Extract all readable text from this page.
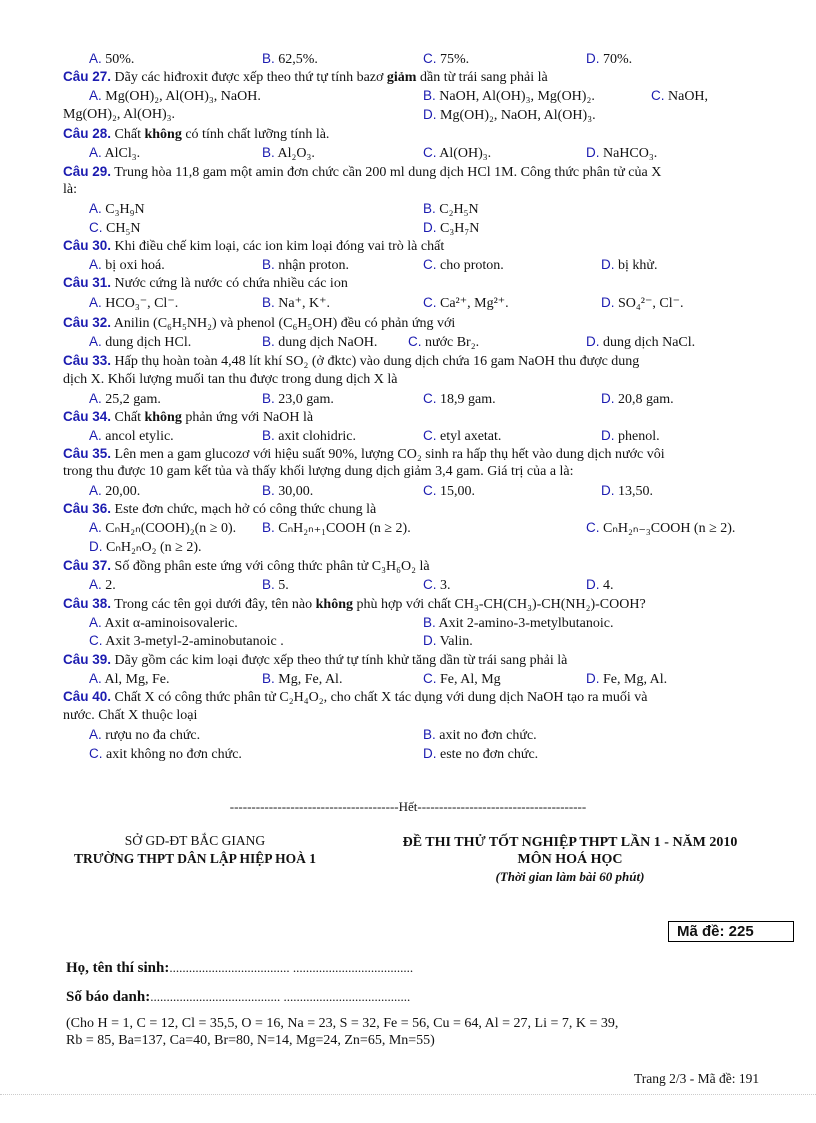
A. 50%.	B. 62,5%.	C. 75%.	D. 70%.
Câu 27. Dãy các hiđroxit được xếp theo thứ tự tính bazơ giảm dần từ trái sang phải là
A. Mg(OH)₂, Al(OH)₃, NaOH.	B. NaOH, Al(OH)₃, Mg(OH)₂.	C. NaOH,
Mg(OH)₂, Al(OH)₃.	D. Mg(OH)₂, NaOH, Al(OH)₃.
Câu 28. Chất không có tính chất lưỡng tính là.
A. AlCl₃.	B. Al₂O₃.	C. Al(OH)₃.	D. NaHCO₃.
Câu 29. Trung hòa 11,8 gam một amin đơn chức cần 200 ml dung dịch HCl 1M. Công thức phân tử của X
là:
A. C₃H₉N	B. C₂H₅N
C. CH₅N	D. C₃H₇N
Câu 30. Khi điều chế kim loại, các ion kim loại đóng vai trò là chất
A. bị oxi hoá.	B. nhận proton.	C. cho proton.	D. bị khử.
Câu 31. Nước cứng là nước có chứa nhiều các ion
A. HCO₃⁻, Cl⁻.	B. Na⁺, K⁺.	C. Ca²⁺, Mg²⁺.	D. SO₄²⁻, Cl⁻.
Câu 32. Anilin (C₆H₅NH₂) và phenol (C₆H₅OH) đều có phản ứng với
A. dung dịch HCl.	B. dung dịch NaOH. C. nước Br₂.	D. dung dịch NaCl.
Câu 33. Hấp thụ hoàn toàn 4,48 lít khí SO₂ (ở đktc) vào dung dịch chứa 16 gam NaOH thu được dung
dịch X. Khối lượng muối tan thu được trong dung dịch X là
A. 25,2 gam.	B. 23,0 gam.	C. 18,9 gam.	D. 20,8 gam.
Câu 34. Chất không phản ứng với NaOH là
A. ancol etylic.	B. axit clohidric.	C. etyl axetat.	D. phenol.
Câu 35. Lên men a gam glucozơ với hiệu suất 90%, lượng CO₂ sinh ra hấp thụ hết vào dung dịch nước vôi
trong thu được 10 gam kết tủa và thấy khối lượng dung dịch giảm 3,4 gam. Giá trị của a là:
A. 20,00.	B. 30,00.	C. 15,00.	D. 13,50.
Câu 36. Este đơn chức, mạch hở có công thức chung là
A. CₙH₂ₙ(COOH)₂(n ≥ 0). B. CₙH₂ₙ₊₁COOH (n ≥ 2).	C. CₙH₂ₙ₋₃COOH (n ≥ 2).
D. CₙH₂ₙO₂ (n ≥ 2).
Câu 37. Số đồng phân este ứng với công thức phân tử C₃H₆O₂ là
A. 2.	B. 5.	C. 3.	D. 4.
Câu 38. Trong các tên gọi dưới đây, tên nào không phù hợp với chất CH₃-CH(CH₃)-CH(NH₂)-COOH?
A. Axit α-aminoisovaleric.	B. Axit 2-amino-3-metylbutanoic.
C. Axit 3-metyl-2-aminobutanoic .	D. Valin.
Câu 39. Dãy gồm các kim loại được xếp theo thứ tự tính khử tăng dần từ trái sang phải là
A. Al, Mg, Fe.	B. Mg, Fe, Al.	C. Fe, Al, Mg	D. Fe, Mg, Al.
Câu 40. Chất X có công thức phân tử C₂H₄O₂, cho chất X tác dụng với dung dịch NaOH tạo ra muối và
nước. Chất X thuộc loại
A. rượu no đa chức.	B. axit no đơn chức.
C. axit không no đơn chức.	D. este no đơn chức.
---------------------------------------Hết---------------------------------------
SỞ GD-ĐT BẮC GIANG
TRƯỜNG THPT DÂN LẬP HIỆP HOÀ 1
ĐỀ THI THỬ TỐT NGHIỆP THPT LẦN 1 - NĂM 2010
MÔN HOÁ HỌC
(Thời gian làm bài 60 phút)
Mã đề: 225
Họ, tên thí sinh:..................................... .....................................
Số báo danh:........................................ .......................................
(Cho H = 1, C = 12, Cl = 35,5, O = 16, Na = 23, S = 32, Fe = 56, Cu = 64, Al = 27, Li = 7, K = 39,
Rb = 85, Ba=137, Ca=40, Br=80, N=14, Mg=24, Zn=65, Mn=55)
Trang 2/3 - Mã đề: 191
